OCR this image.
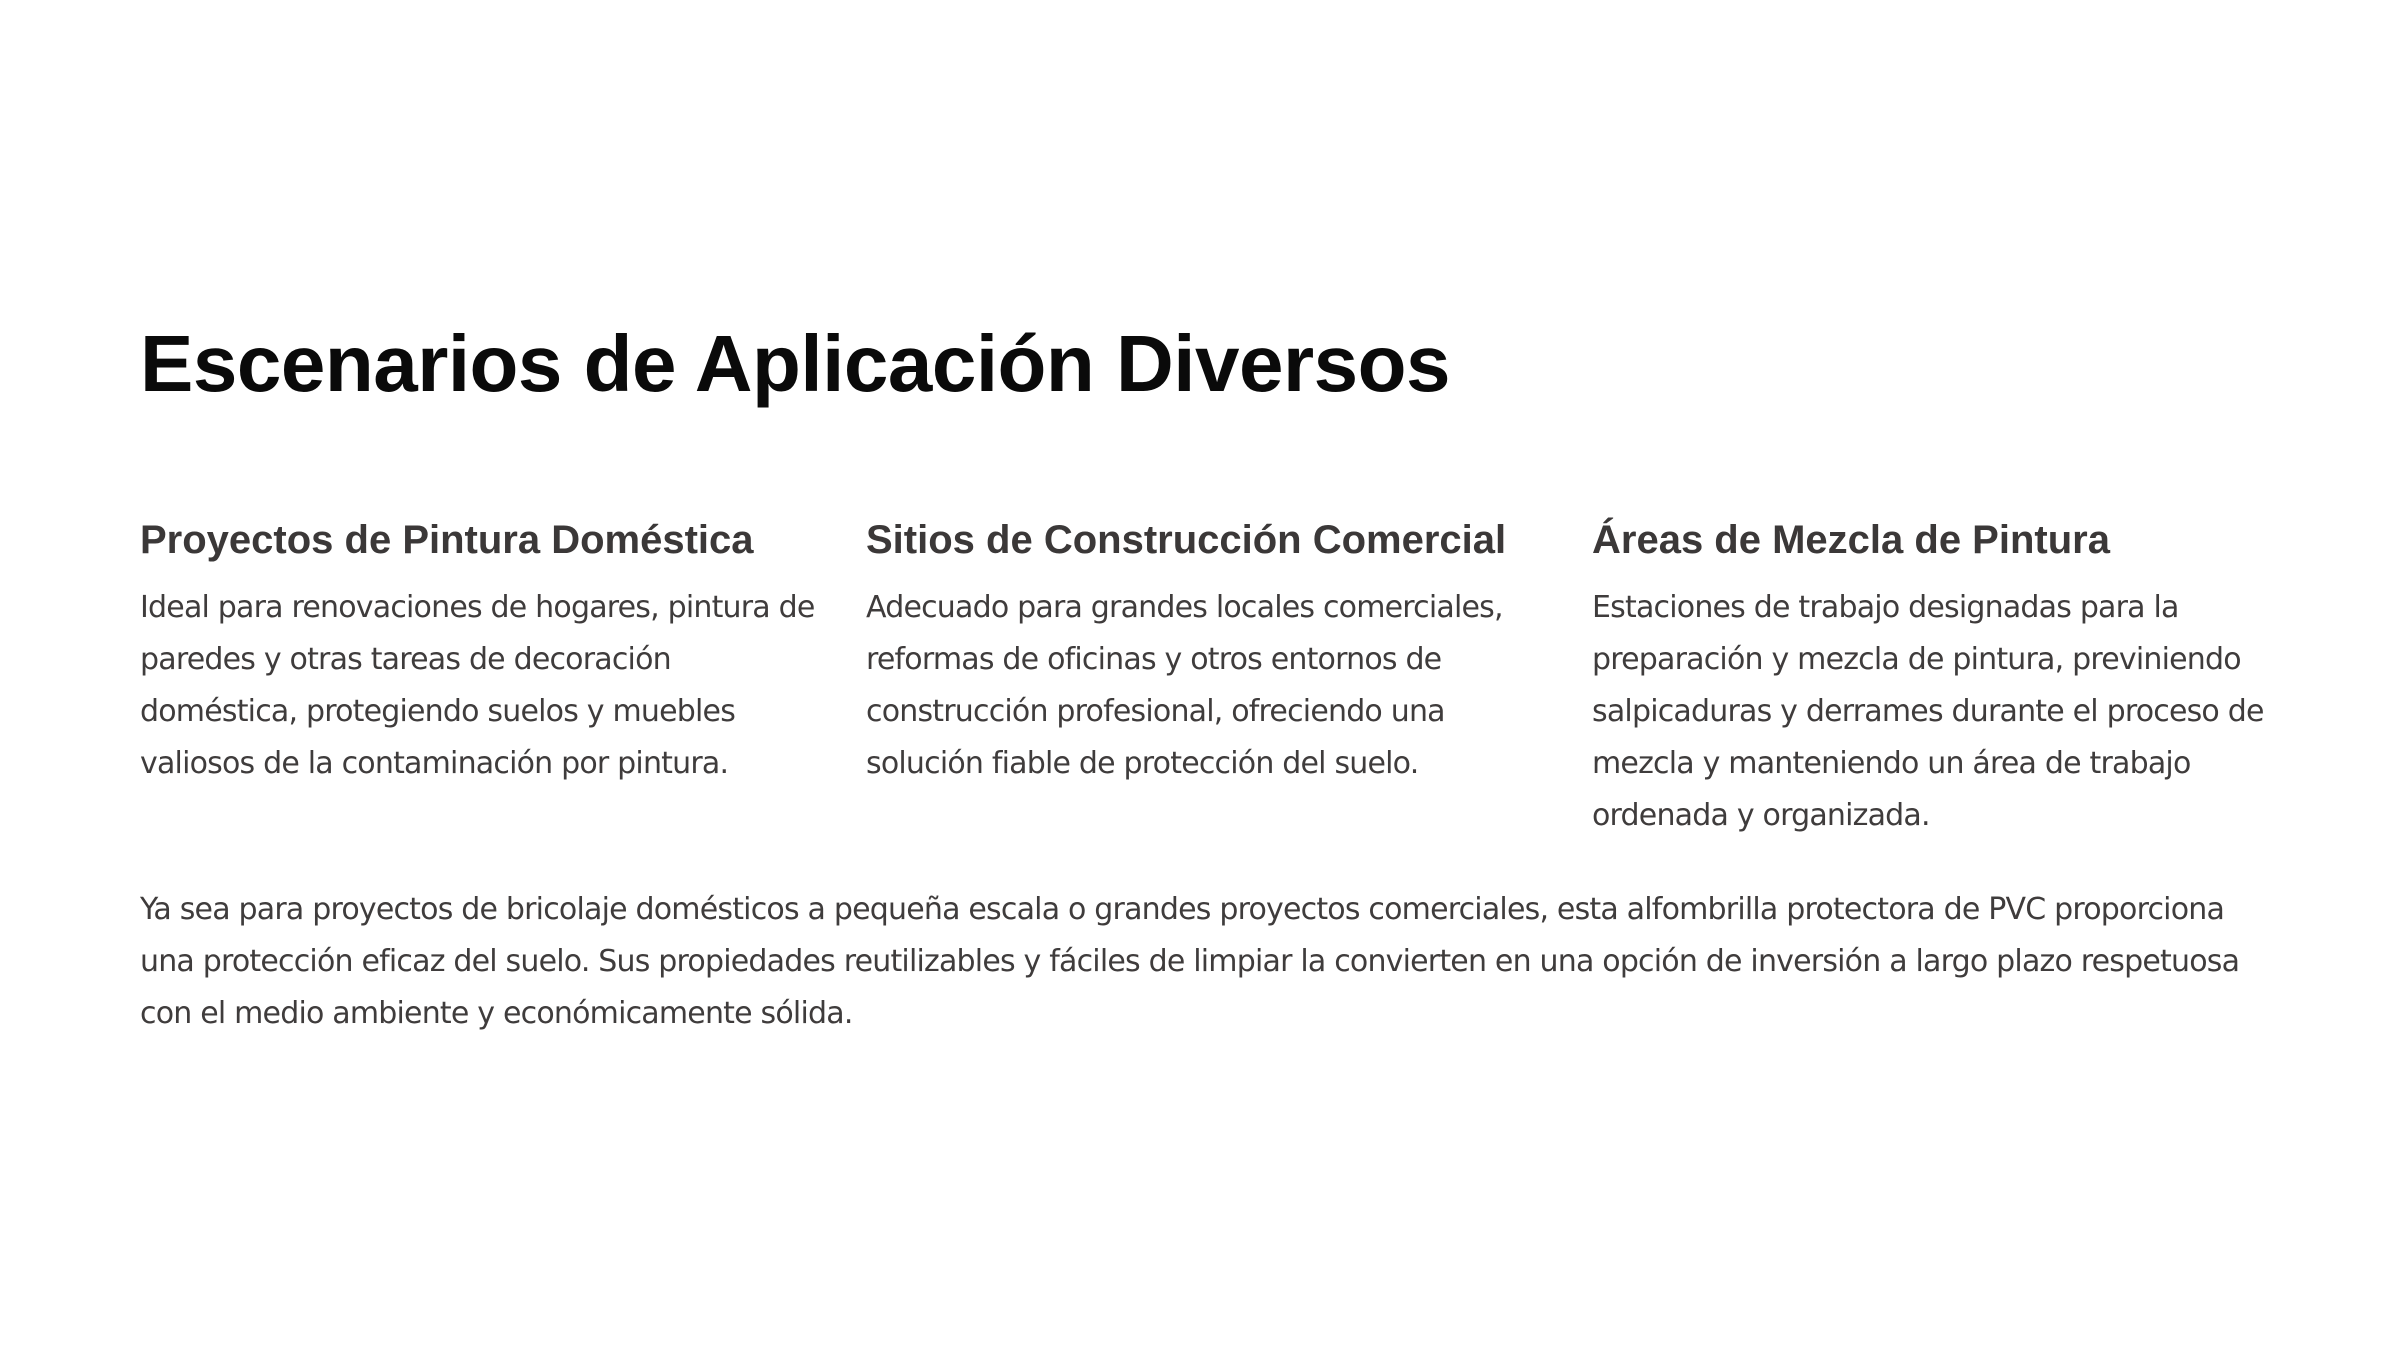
Escenarios de Aplicación Diversos
Proyectos de Pintura Doméstica

Ideal para renovaciones de hogares, pintura de paredes y otras tareas de decoración doméstica, protegiendo suelos y muebles valiosos de la contaminación por pintura.

Sitios de Construcción Comercial

Adecuado para grandes locales comerciales, reformas de oficinas y otros entornos de construcción profesional, ofreciendo una solución fiable de protección del suelo.

Áreas de Mezcla de Pintura

Estaciones de trabajo designadas para la preparación y mezcla de pintura, previniendo salpicaduras y derrames durante el proceso de mezcla y manteniendo un área de trabajo ordenada y organizada.

Ya sea para proyectos de bricolaje domésticos a pequeña escala o grandes proyectos comerciales, esta alfombrilla protectora de PVC proporciona una protección eficaz del suelo. Sus propiedades reutilizables y fáciles de limpiar la convierten en una opción de inversión a largo plazo respetuosa con el medio ambiente y económicamente sólida.
